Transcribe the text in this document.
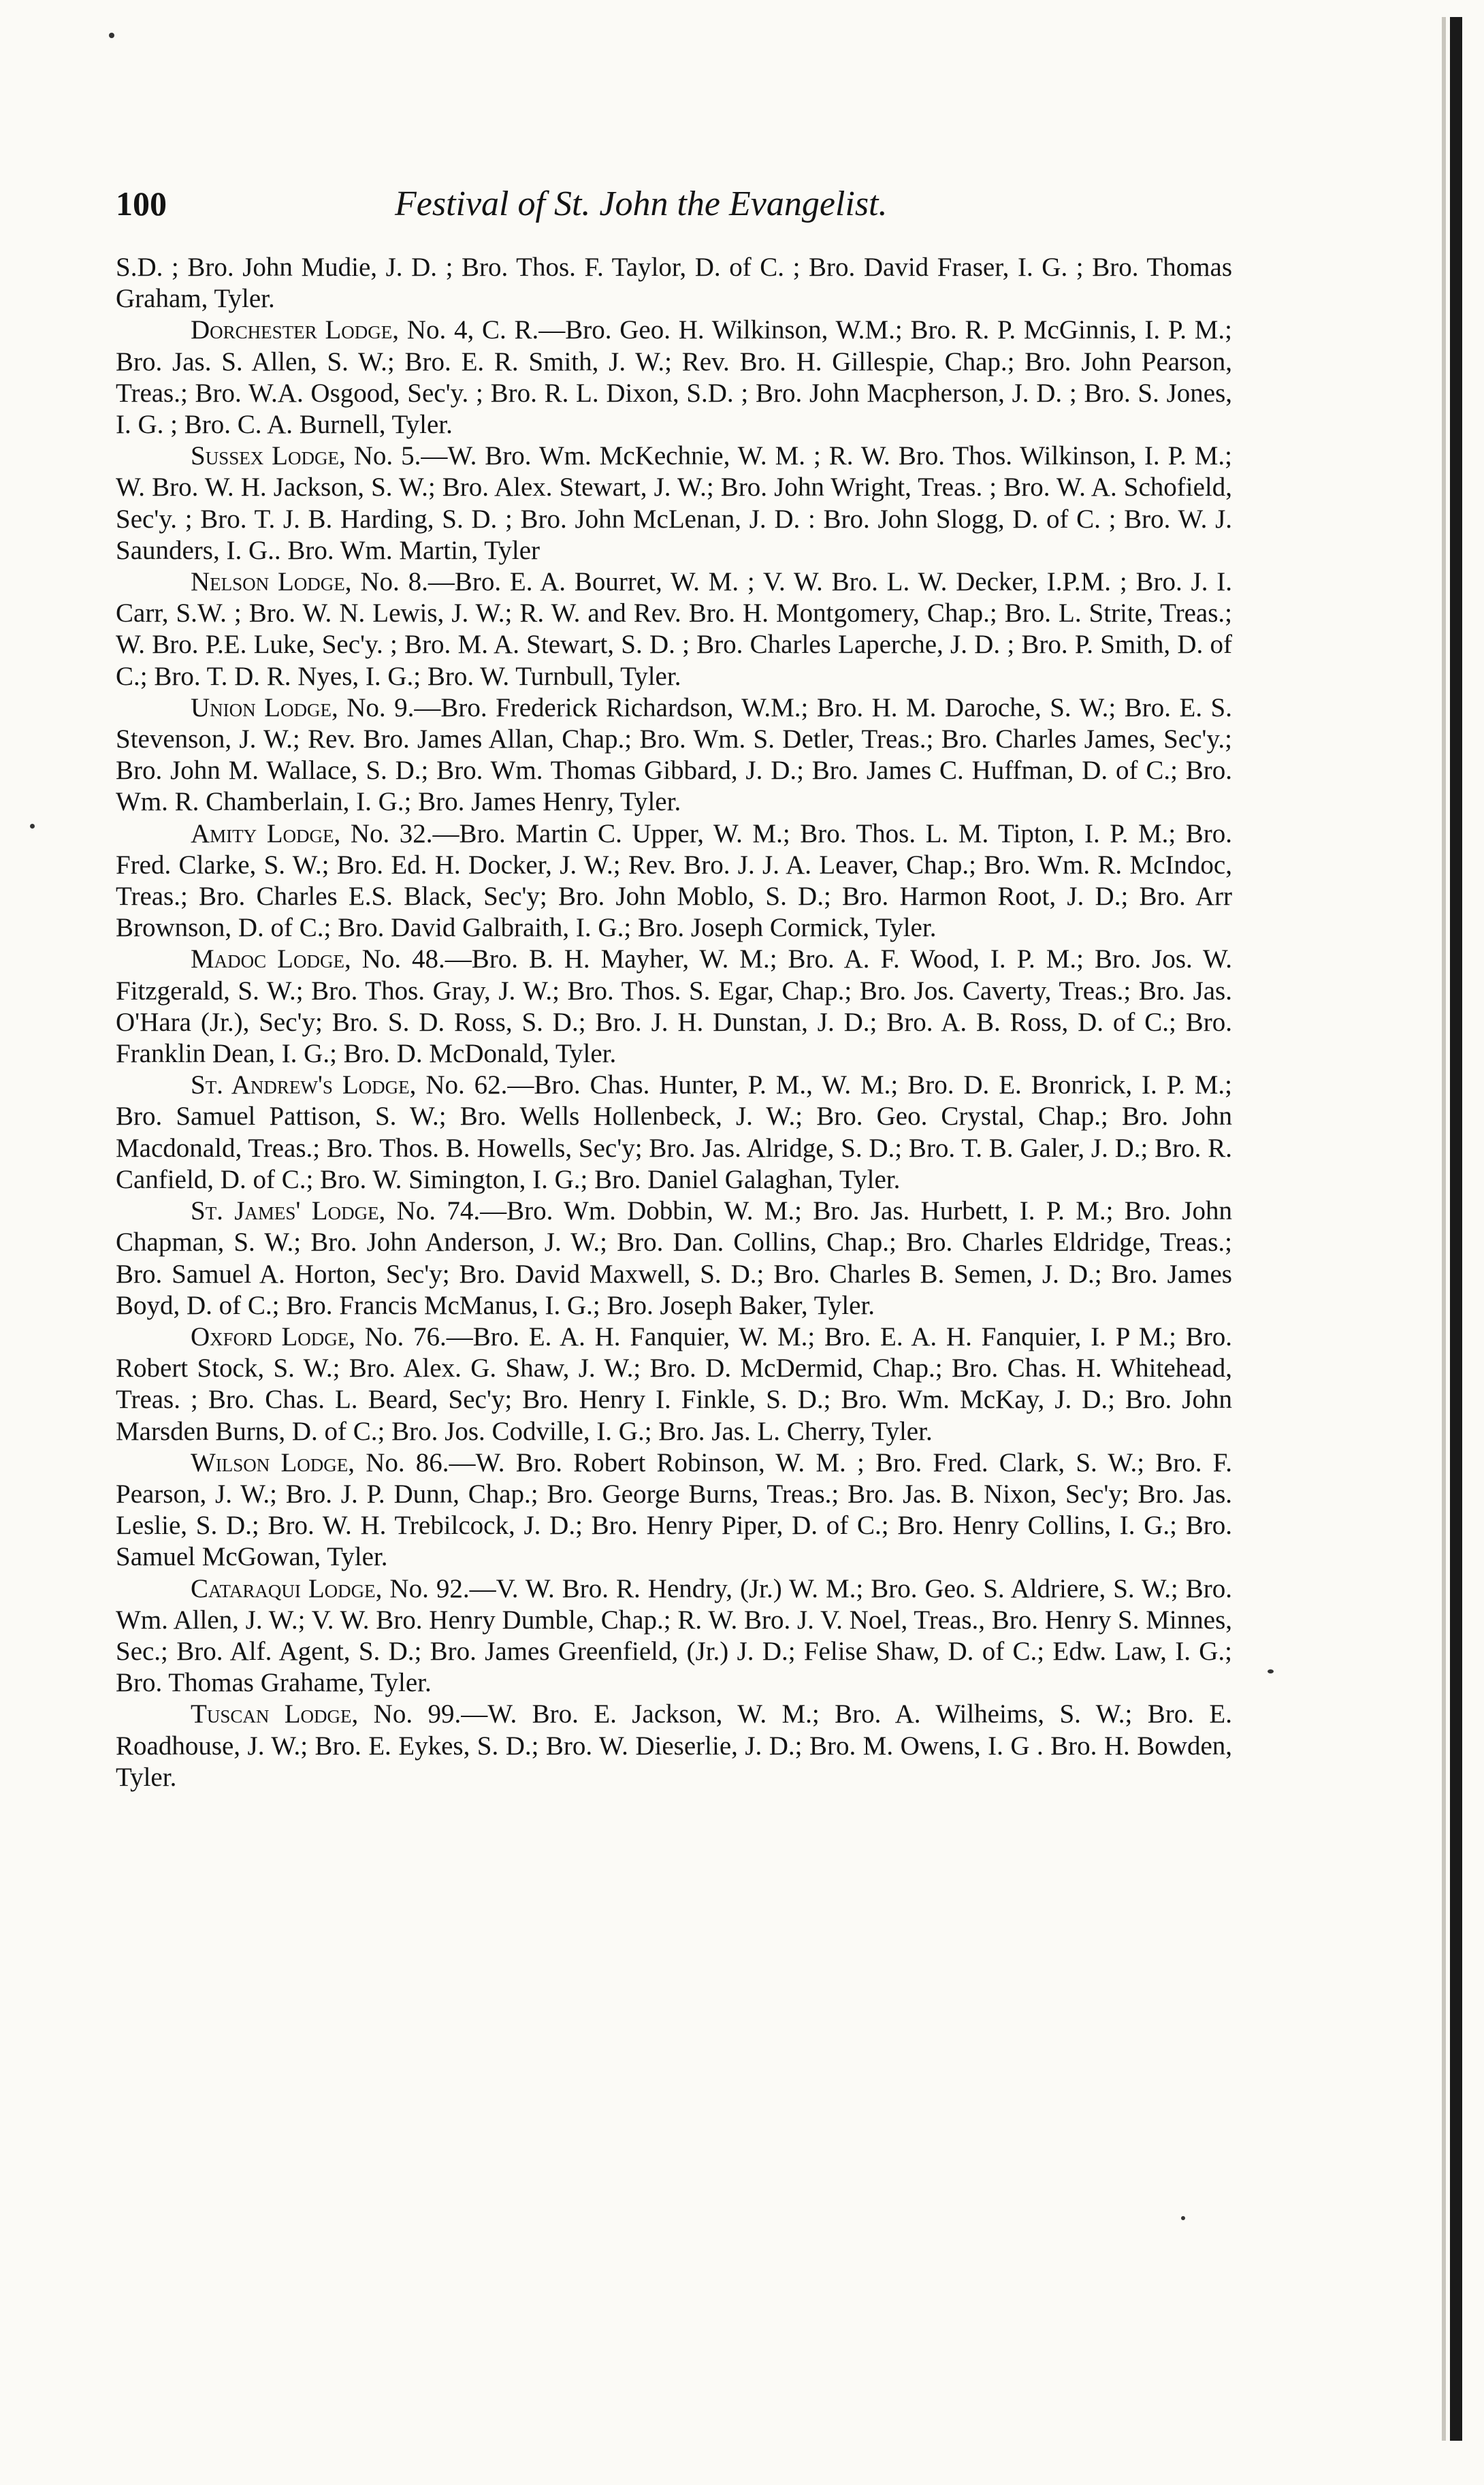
100	Festival of St. John the Evangelist.

S.D. ; Bro. John Mudie, J. D. ; Bro. Thos. F. Taylor, D. of C. ; Bro. David Fraser, I. G. ; Bro. Thomas Graham, Tyler.

Dorchester Lodge, No. 4, C. R.—Bro. Geo. H. Wilkinson, W.M.; Bro. R. P. McGinnis, I. P. M.; Bro. Jas. S. Allen, S. W.; Bro. E. R. Smith, J. W.; Rev. Bro. H. Gillespie, Chap.; Bro. John Pearson, Treas.; Bro. W.A. Osgood, Sec'y. ; Bro. R. L. Dixon, S.D. ; Bro. John Macpherson, J. D. ; Bro. S. Jones, I. G. ; Bro. C. A. Burnell, Tyler.

Sussex Lodge, No. 5.—W. Bro. Wm. McKechnie, W. M. ; R. W. Bro. Thos. Wilkinson, I. P. M.; W. Bro. W. H. Jackson, S. W.; Bro. Alex. Stewart, J. W.; Bro. John Wright, Treas. ; Bro. W. A. Schofield, Sec'y. ; Bro. T. J. B. Harding, S. D. ; Bro. John McLenan, J. D. : Bro. John Slogg, D. of C. ; Bro. W. J. Saunders, I. G.. Bro. Wm. Martin, Tyler

Nelson Lodge, No. 8.—Bro. E. A. Bourret, W. M. ; V. W. Bro. L. W. Decker, I.P.M. ; Bro. J. I. Carr, S.W. ; Bro. W. N. Lewis, J. W.; R. W. and Rev. Bro. H. Montgomery, Chap.; Bro. L. Strite, Treas.; W. Bro. P.E. Luke, Sec'y. ; Bro. M. A. Stewart, S. D. ; Bro. Charles Laperche, J. D. ; Bro. P. Smith, D. of C.; Bro. T. D. R. Nyes, I. G.; Bro. W. Turnbull, Tyler.

Union Lodge, No. 9.—Bro. Frederick Richardson, W.M.; Bro. H. M. Daroche, S. W.; Bro. E. S. Stevenson, J. W.; Rev. Bro. James Allan, Chap.; Bro. Wm. S. Detler, Treas.; Bro. Charles James, Sec'y.; Bro. John M. Wallace, S. D.; Bro. Wm. Thomas Gibbard, J. D.; Bro. James C. Huffman, D. of C.; Bro. Wm. R. Chamberlain, I. G.; Bro. James Henry, Tyler.

Amity Lodge, No. 32.—Bro. Martin C. Upper, W. M.; Bro. Thos. L. M. Tipton, I. P. M.; Bro. Fred. Clarke, S. W.; Bro. Ed. H. Docker, J. W.; Rev. Bro. J. J. A. Leaver, Chap.; Bro. Wm. R. McIndoc, Treas.; Bro. Charles E.S. Black, Sec'y; Bro. John Moblo, S. D.; Bro. Harmon Root, J. D.; Bro. Arr Brownson, D. of C.; Bro. David Galbraith, I. G.; Bro. Joseph Cormick, Tyler.

Madoc Lodge, No. 48.—Bro. B. H. Mayher, W. M.; Bro. A. F. Wood, I. P. M.; Bro. Jos. W. Fitzgerald, S. W.; Bro. Thos. Gray, J. W.; Bro. Thos. S. Egar, Chap.; Bro. Jos. Caverty, Treas.; Bro. Jas. O'Hara (Jr.), Sec'y; Bro. S. D. Ross, S. D.; Bro. J. H. Dunstan, J. D.; Bro. A. B. Ross, D. of C.; Bro. Franklin Dean, I. G.; Bro. D. McDonald, Tyler.

St. Andrew's Lodge, No. 62.—Bro. Chas. Hunter, P. M., W. M.; Bro. D. E. Bronrick, I. P. M.; Bro. Samuel Pattison, S. W.; Bro. Wells Hollenbeck, J. W.; Bro. Geo. Crystal, Chap.; Bro. John Macdonald, Treas.; Bro. Thos. B. Howells, Sec'y; Bro. Jas. Alridge, S. D.; Bro. T. B. Galer, J. D.; Bro. R. Canfield, D. of C.; Bro. W. Simington, I. G.; Bro. Daniel Galaghan, Tyler.

St. James' Lodge, No. 74.—Bro. Wm. Dobbin, W. M.; Bro. Jas. Hurbett, I. P. M.; Bro. John Chapman, S. W.; Bro. John Anderson, J. W.; Bro. Dan. Collins, Chap.; Bro. Charles Eldridge, Treas.; Bro. Samuel A. Horton, Sec'y; Bro. David Maxwell, S. D.; Bro. Charles B. Semen, J. D.; Bro. James Boyd, D. of C.; Bro. Francis McManus, I. G.; Bro. Joseph Baker, Tyler.

Oxford Lodge, No. 76.—Bro. E. A. H. Fanquier, W. M.; Bro. E. A. H. Fanquier, I. P M.; Bro. Robert Stock, S. W.; Bro. Alex. G. Shaw, J. W.; Bro. D. McDermid, Chap.; Bro. Chas. H. Whitehead, Treas. ; Bro. Chas. L. Beard, Sec'y; Bro. Henry I. Finkle, S. D.; Bro. Wm. McKay, J. D.; Bro. John Marsden Burns, D. of C.; Bro. Jos. Codville, I. G.; Bro. Jas. L. Cherry, Tyler.

Wilson Lodge, No. 86.—W. Bro. Robert Robinson, W. M. ; Bro. Fred. Clark, S. W.; Bro. F. Pearson, J. W.; Bro. J. P. Dunn, Chap.; Bro. George Burns, Treas.; Bro. Jas. B. Nixon, Sec'y; Bro. Jas. Leslie, S. D.; Bro. W. H. Trebilcock, J. D.; Bro. Henry Piper, D. of C.; Bro. Henry Collins, I. G.; Bro. Samuel McGowan, Tyler.

Cataraqui Lodge, No. 92.—V. W. Bro. R. Hendry, (Jr.) W. M.; Bro. Geo. S. Aldriere, S. W.; Bro. Wm. Allen, J. W.; V. W. Bro. Henry Dumble, Chap.; R. W. Bro. J. V. Noel, Treas., Bro. Henry S. Minnes, Sec.; Bro. Alf. Agent, S. D.; Bro. James Greenfield, (Jr.) J. D.; Felise Shaw, D. of C.; Edw. Law, I. G.; Bro. Thomas Grahame, Tyler.

Tuscan Lodge, No. 99.—W. Bro. E. Jackson, W. M.; Bro. A. Wilheims, S. W.; Bro. E. Roadhouse, J. W.; Bro. E. Eykes, S. D.; Bro. W. Dieserlie, J. D.; Bro. M. Owens, I. G . Bro. H. Bowden, Tyler.
